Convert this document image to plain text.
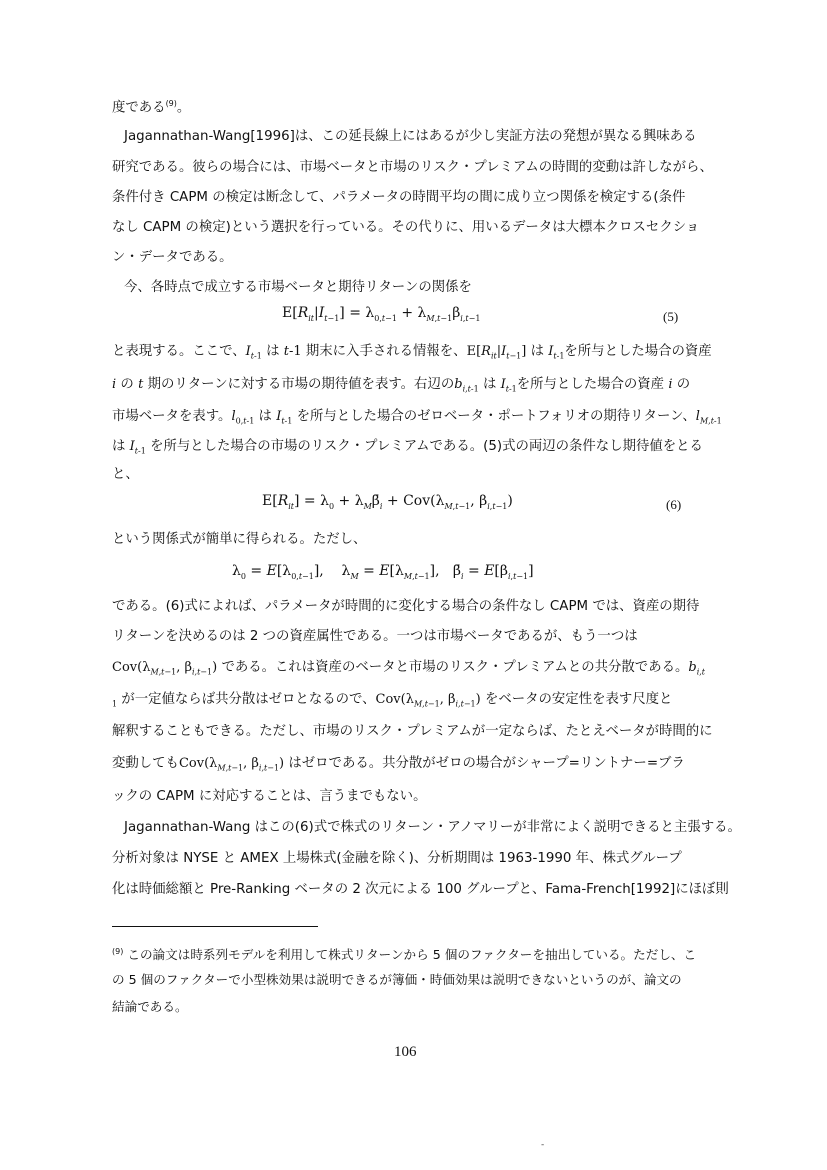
度である$^{(9)}$。
Jagannathan-Wang[1996]は、この延長線上にはあるが少し実証方法の発想が異なる興味ある
研究である。彼らの場合には、市場ベータと市場のリスク・プレミアムの時間的変動は許しながら、
条件付き CAPM の検定は断念して、パラメータの時間平均の間に成り立つ関係を検定する(条件
なし CAPM の検定)という選択を行っている。その代りに、用いるデータは大標本クロスセクショ
ン・データである。
今、各時点で成立する市場ベータと期待リターンの関係を
$E[R_{it}|I_{t-1}] = \lambda_{0,t-1} + \lambda_{M,t-1}\beta_{i,t-1}$	(5)
と表現する。ここで、$I_{t-1}$ は t-1 期末に入手される情報を、$E[R_{it}|I_{t-1}]$ は $I_{t-1}$を所与とした場合の資産
i の t 期のリターンに対する市場の期待値を表す。右辺の$b_{i,t-1}$ は $I_{t-1}$を所与とした場合の資産 i の
市場ベータを表す。$l_{0,t-1}$ は $I_{t-1}$ を所与とした場合のゼロベータ・ポートフォリオの期待リターン、$l_{M,t-1}$
は $I_{t-1}$ を所与とした場合の市場のリスク・プレミアムである。(5)式の両辺の条件なし期待値をとる
と、
$E[R_{it}] = \lambda_0$ + $\lambda_M\betā_i + Cov(\lambda_{M,t-1}$, $\beta_{i,t-1}$)	(6)
という関係式が簡単に得られる。ただし、
$\lambda_0 = E[\lambda_{0,t-1}]$,    $\lambda_M = E[\lambda_{M,t-1}]$,   $\betā_i = E[\beta_{i,t-1}]$
である。(6)式によれば、パラメータが時間的に変化する場合の条件なし CAPM では、資産の期待
リターンを決めるのは 2 つの資産属性である。一つは市場ベータであるが、もう一つは
$Cov(\lambda_{M,t-1}$, $\beta_{i,t-1}$) である。これは資産のベータと市場のリスク・プレミアムとの共分散である。$b_{i,t}$
$_1$ が一定値ならば共分散はゼロとなるので、$Cov(\lambda_{M,t-1}$, $\beta_{i,t-1}$) をベータの安定性を表す尺度と
解釈することもできる。ただし、市場のリスク・プレミアムが一定ならば、たとえベータが時間的に
変動しても$Cov(\lambda_{M,t-1}$, $\beta_{i,t-1}$) はゼロである。共分散がゼロの場合がシャープ=リントナー=ブラ
ックの CAPM に対応することは、言うまでもない。
Jagannathan-Wang はこの(6)式で株式のリターン・アノマリーが非常によく説明できると主張する。
分析対象は NYSE と AMEX 上場株式(金融を除く)、分析期間は 1963-1990 年、株式グループ
化は時価総額と Pre-Ranking ベータの 2 次元による 100 グループと、Fama-French[1992]にほぼ則
$^{(9)}$ この論文は時系列モデルを利用して株式リターンから 5 個のファクターを抽出している。ただし、こ
の 5 個のファクターで小型株効果は説明できるが簿価・時価効果は説明できないというのが、論文の
結論である。
106
-
